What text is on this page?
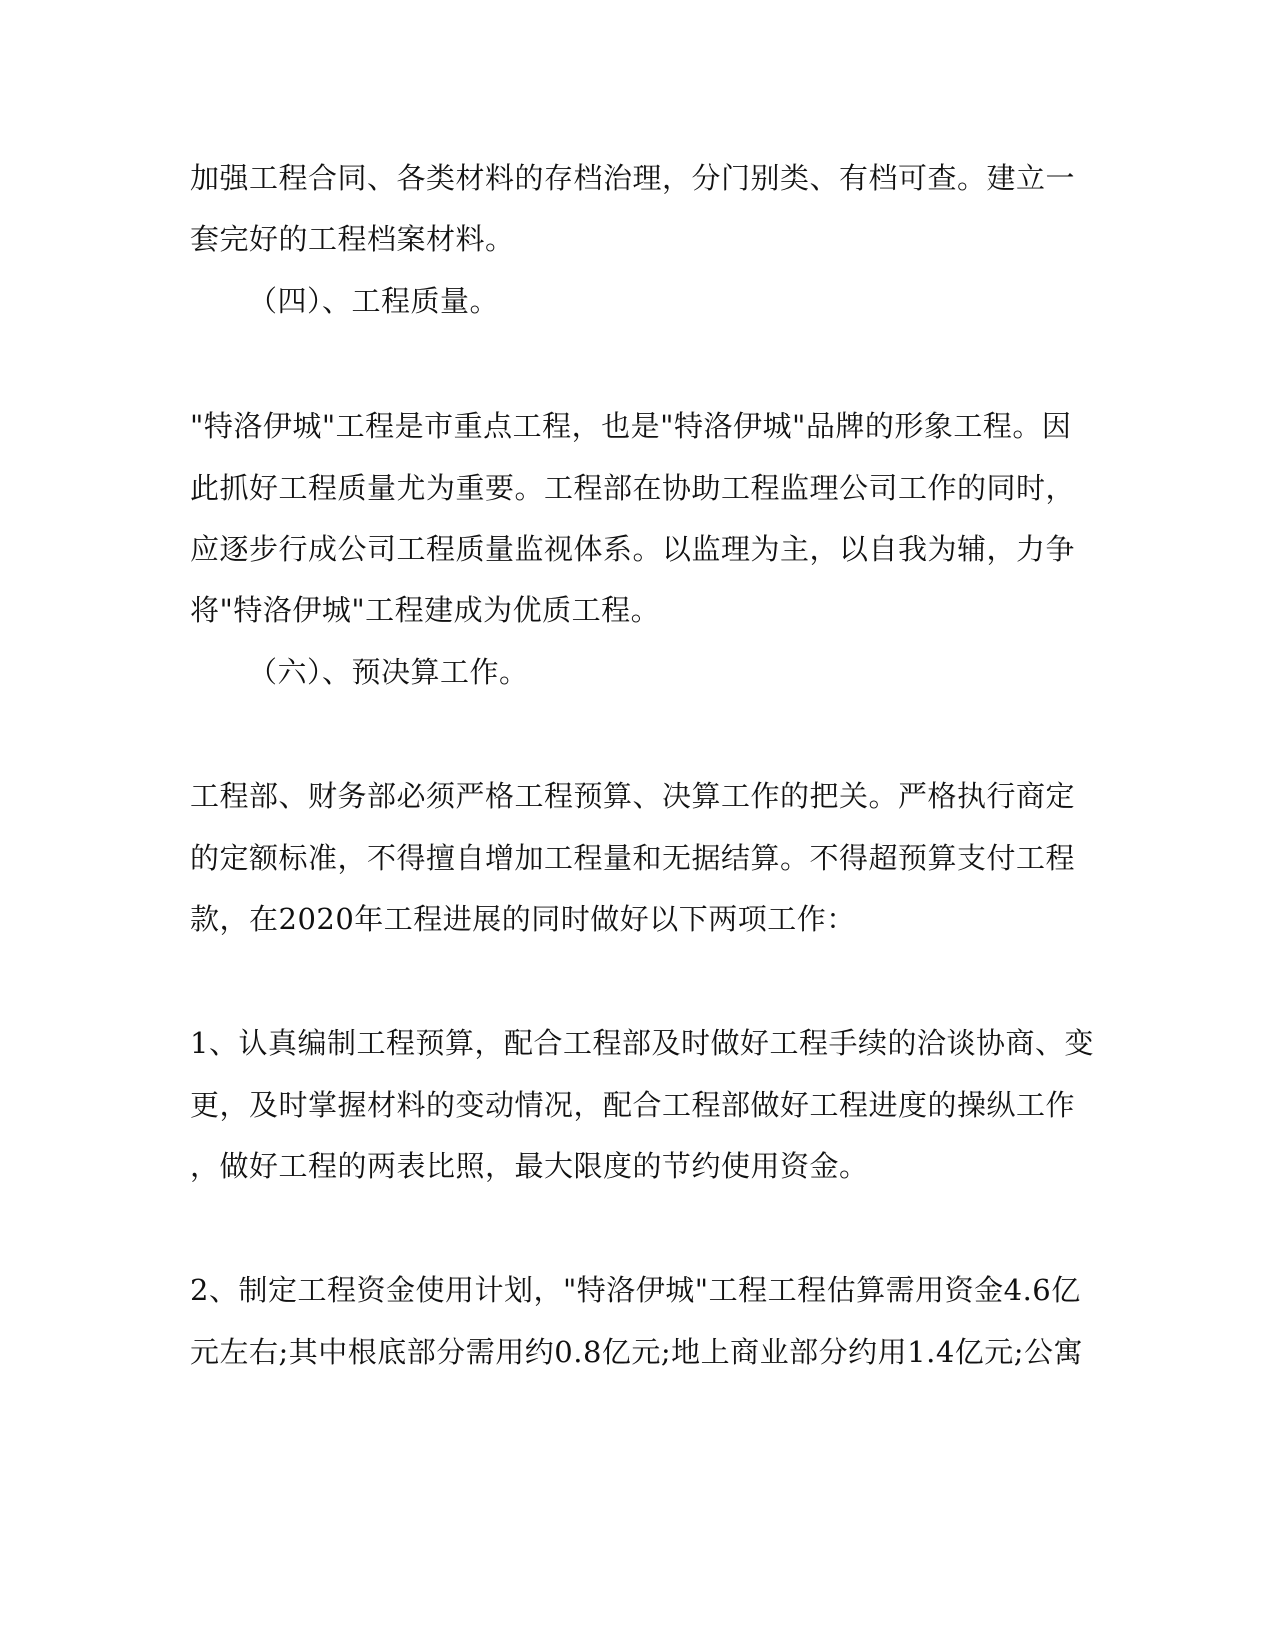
加强工程合同、各类材料的存档治理，分门别类、有档可查。建立一
套完好的工程档案材料。
（四）、工程质量。
"特洛伊城"工程是市重点工程，也是"特洛伊城"品牌的形象工程。因
此抓好工程质量尤为重要。工程部在协助工程监理公司工作的同时，
应逐步行成公司工程质量监视体系。以监理为主，以自我为辅，力争
将"特洛伊城"工程建成为优质工程。
（六）、预决算工作。
工程部、财务部必须严格工程预算、决算工作的把关。严格执行商定
的定额标准，不得擅自增加工程量和无据结算。不得超预算支付工程
款，在2020年工程进展的同时做好以下两项工作：
1、认真编制工程预算，配合工程部及时做好工程手续的洽谈协商、变
更，及时掌握材料的变动情况，配合工程部做好工程进度的操纵工作
，做好工程的两表比照，最大限度的节约使用资金。
2、制定工程资金使用计划，"特洛伊城"工程工程估算需用资金4.6亿
元左右;其中根底部分需用约0.8亿元;地上商业部分约用1.4亿元;公寓
